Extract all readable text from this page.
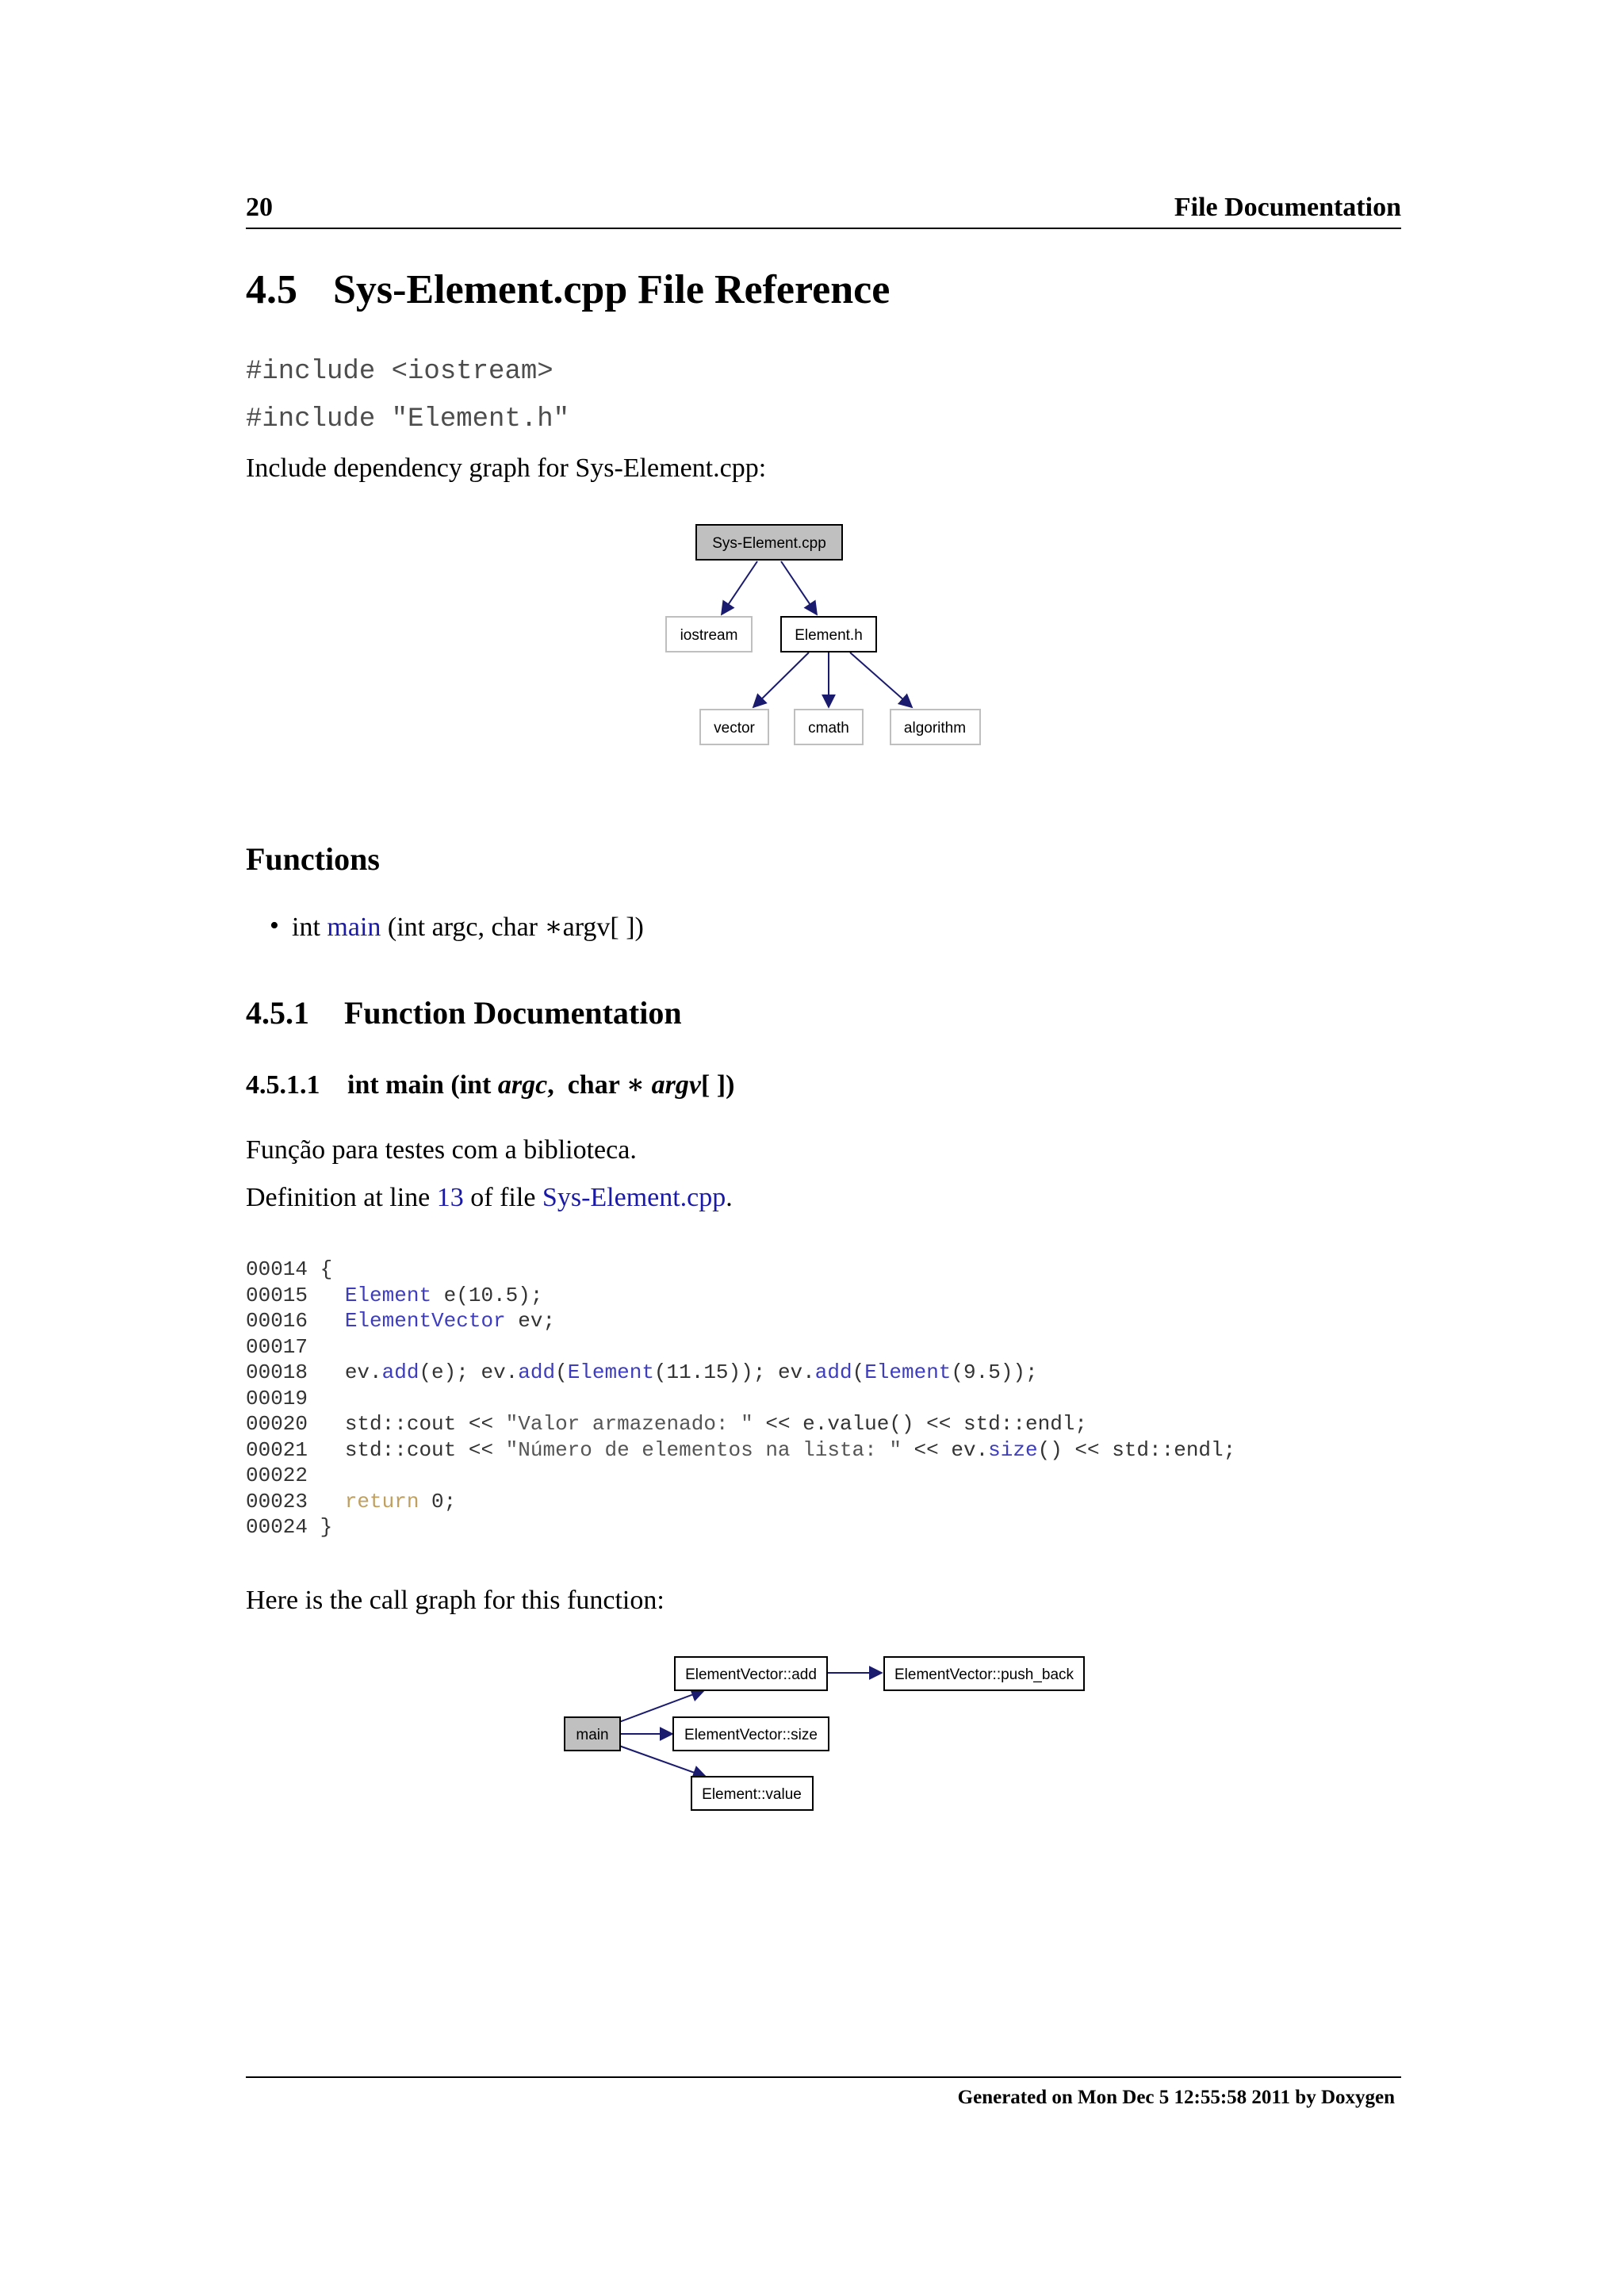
20	File Documentation
4.5 Sys-Element.cpp File Reference
#include <iostream>
#include "Element.h"
Include dependency graph for Sys-Element.cpp:
Sys-Element.cpp
iostream	Element.h
vector	cmath	algorithm
main
ElementVector::add	ElementVector::push_back
ElementVector::size
Element::value
Functions
• int main (int argc, char ∗argv[ ])
4.5.1 Function Documentation
4.5.1.1 int main (int argc,  char ∗ argv[ ])
Função para testes com a biblioteca.
Definition at line 13 of file Sys-Element.cpp.
00014 {
00015   Element e(10.5);
00016   ElementVector ev;
00017
00018   ev.add(e); ev.add(Element(11.15)); ev.add(Element(9.5));
00019
00020   std::cout << "Valor armazenado: " << e.value() << std::endl;
00021   std::cout << "Número de elementos na lista: " << ev.size() << std::endl;
00022
00023   return 0;
00024 }
Here is the call graph for this function:
Generated on Mon Dec 5 12:55:58 2011 by Doxygen
